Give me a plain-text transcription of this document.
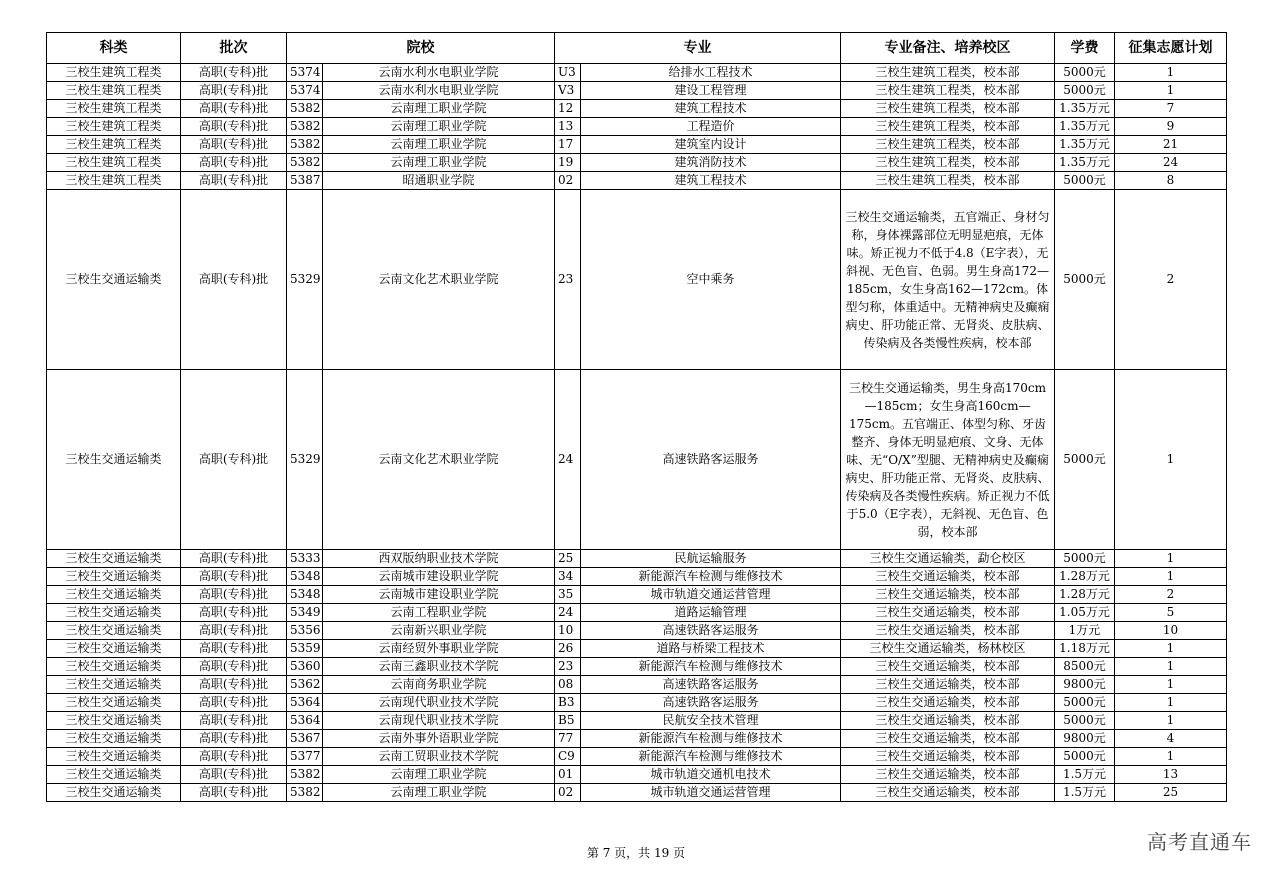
科类	批次	院校		专业		专业备注、培养校区	学费	征集志愿计划
三校生建筑工程类	高职(专科)批	5374	云南水利水电职业学院	U3	给排水工程技术	三校生建筑工程类，校本部	5000元	1
三校生建筑工程类	高职(专科)批	5374	云南水利水电职业学院	V3	建设工程管理	三校生建筑工程类，校本部	5000元	1
三校生建筑工程类	高职(专科)批	5382	云南理工职业学院	12	建筑工程技术	三校生建筑工程类，校本部	1.35万元	7
三校生建筑工程类	高职(专科)批	5382	云南理工职业学院	13	工程造价	三校生建筑工程类，校本部	1.35万元	9
三校生建筑工程类	高职(专科)批	5382	云南理工职业学院	17	建筑室内设计	三校生建筑工程类，校本部	1.35万元	21
三校生建筑工程类	高职(专科)批	5382	云南理工职业学院	19	建筑消防技术	三校生建筑工程类，校本部	1.35万元	24
三校生建筑工程类	高职(专科)批	5387	昭通职业学院	02	建筑工程技术	三校生建筑工程类，校本部	5000元	8
三校生交通运输类	高职(专科)批	5329	云南文化艺术职业学院	23	空中乘务	三校生交通运输类，五官端正、身材匀称，身体裸露部位无明显疤痕，无体味。矫正视力不低于4.8（E字表），无斜视、无色盲、色弱。男生身高172—185cm，女生身高162—172cm。体型匀称，体重适中。无精神病史及癫痫病史、肝功能正常、无肾炎、皮肤病、传染病及各类慢性疾病，校本部	5000元	2
三校生交通运输类	高职(专科)批	5329	云南文化艺术职业学院	24	高速铁路客运服务	三校生交通运输类，男生身高170cm—185cm；女生身高160cm—175cm。五官端正、体型匀称、牙齿整齐、身体无明显疤痕、文身、无体味、无“O/X”型腿、无精神病史及癫痫病史、肝功能正常、无肾炎、皮肤病、传染病及各类慢性疾病。矫正视力不低于5.0（E字表），无斜视、无色盲、色弱，校本部	5000元	1
三校生交通运输类	高职(专科)批	5333	西双版纳职业技术学院	25	民航运输服务	三校生交通运输类，勐仑校区	5000元	1
三校生交通运输类	高职(专科)批	5348	云南城市建设职业学院	34	新能源汽车检测与维修技术	三校生交通运输类，校本部	1.28万元	1
三校生交通运输类	高职(专科)批	5348	云南城市建设职业学院	35	城市轨道交通运营管理	三校生交通运输类，校本部	1.28万元	2
三校生交通运输类	高职(专科)批	5349	云南工程职业学院	24	道路运输管理	三校生交通运输类，校本部	1.05万元	5
三校生交通运输类	高职(专科)批	5356	云南新兴职业学院	10	高速铁路客运服务	三校生交通运输类，校本部	1万元	10
三校生交通运输类	高职(专科)批	5359	云南经贸外事职业学院	26	道路与桥梁工程技术	三校生交通运输类，杨林校区	1.18万元	1
三校生交通运输类	高职(专科)批	5360	云南三鑫职业技术学院	23	新能源汽车检测与维修技术	三校生交通运输类，校本部	8500元	1
三校生交通运输类	高职(专科)批	5362	云南商务职业学院	08	高速铁路客运服务	三校生交通运输类，校本部	9800元	1
三校生交通运输类	高职(专科)批	5364	云南现代职业技术学院	B3	高速铁路客运服务	三校生交通运输类，校本部	5000元	1
三校生交通运输类	高职(专科)批	5364	云南现代职业技术学院	B5	民航安全技术管理	三校生交通运输类，校本部	5000元	1
三校生交通运输类	高职(专科)批	5367	云南外事外语职业学院	77	新能源汽车检测与维修技术	三校生交通运输类，校本部	9800元	4
三校生交通运输类	高职(专科)批	5377	云南工贸职业技术学院	C9	新能源汽车检测与维修技术	三校生交通运输类，校本部	5000元	1
三校生交通运输类	高职(专科)批	5382	云南理工职业学院	01	城市轨道交通机电技术	三校生交通运输类，校本部	1.5万元	13
三校生交通运输类	高职(专科)批	5382	云南理工职业学院	02	城市轨道交通运营管理	三校生交通运输类，校本部	1.5万元	25
第 7 页，共 19 页	高考直通车
